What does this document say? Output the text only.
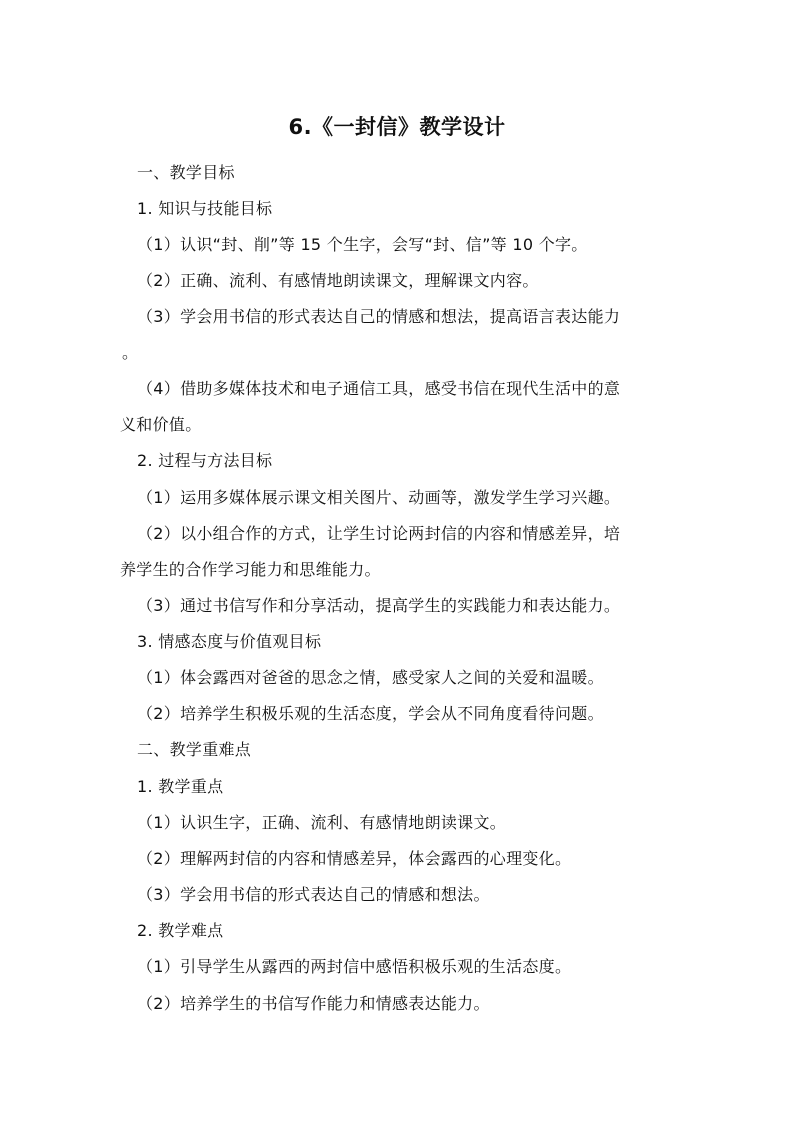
6.《一封信》教学设计
一、教学目标
1. 知识与技能目标
（1）认识“封、削”等 15 个生字，会写“封、信”等 10 个字。
（2）正确、流利、有感情地朗读课文，理解课文内容。
（3）学会用书信的形式表达自己的情感和想法，提高语言表达能力
。
（4）借助多媒体技术和电子通信工具，感受书信在现代生活中的意
义和价值。
2. 过程与方法目标
（1）运用多媒体展示课文相关图片、动画等，激发学生学习兴趣。
（2）以小组合作的方式，让学生讨论两封信的内容和情感差异，培
养学生的合作学习能力和思维能力。
（3）通过书信写作和分享活动，提高学生的实践能力和表达能力。
3. 情感态度与价值观目标
（1）体会露西对爸爸的思念之情，感受家人之间的关爱和温暖。
（2）培养学生积极乐观的生活态度，学会从不同角度看待问题。
二、教学重难点
1. 教学重点
（1）认识生字，正确、流利、有感情地朗读课文。
（2）理解两封信的内容和情感差异，体会露西的心理变化。
（3）学会用书信的形式表达自己的情感和想法。
2. 教学难点
（1）引导学生从露西的两封信中感悟积极乐观的生活态度。
（2）培养学生的书信写作能力和情感表达能力。
